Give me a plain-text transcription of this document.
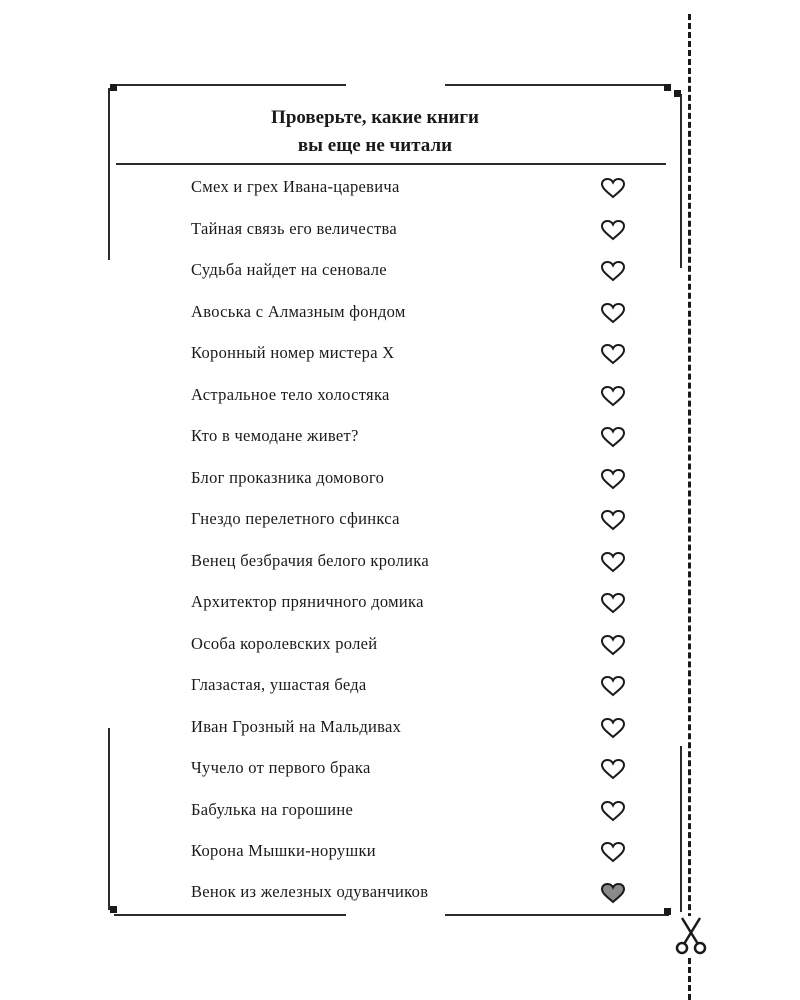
Проверьте, какие книги
вы еще не читали
Смех и грех Ивана-царевича
Тайная связь его величества
Судьба найдет на сеновале
Авоська с Алмазным фондом
Коронный номер мистера Х
Астральное тело холостяка
Кто в чемодане живет?
Блог проказника домового
Гнездо перелетного сфинкса
Венец безбрачия белого кролика
Архитектор пряничного домика
Особа королевских ролей
Глазастая, ушастая беда
Иван Грозный на Мальдивах
Чучело от первого брака
Бабулька на горошине
Корона Мышки-норушки
Венок из железных одуванчиков
